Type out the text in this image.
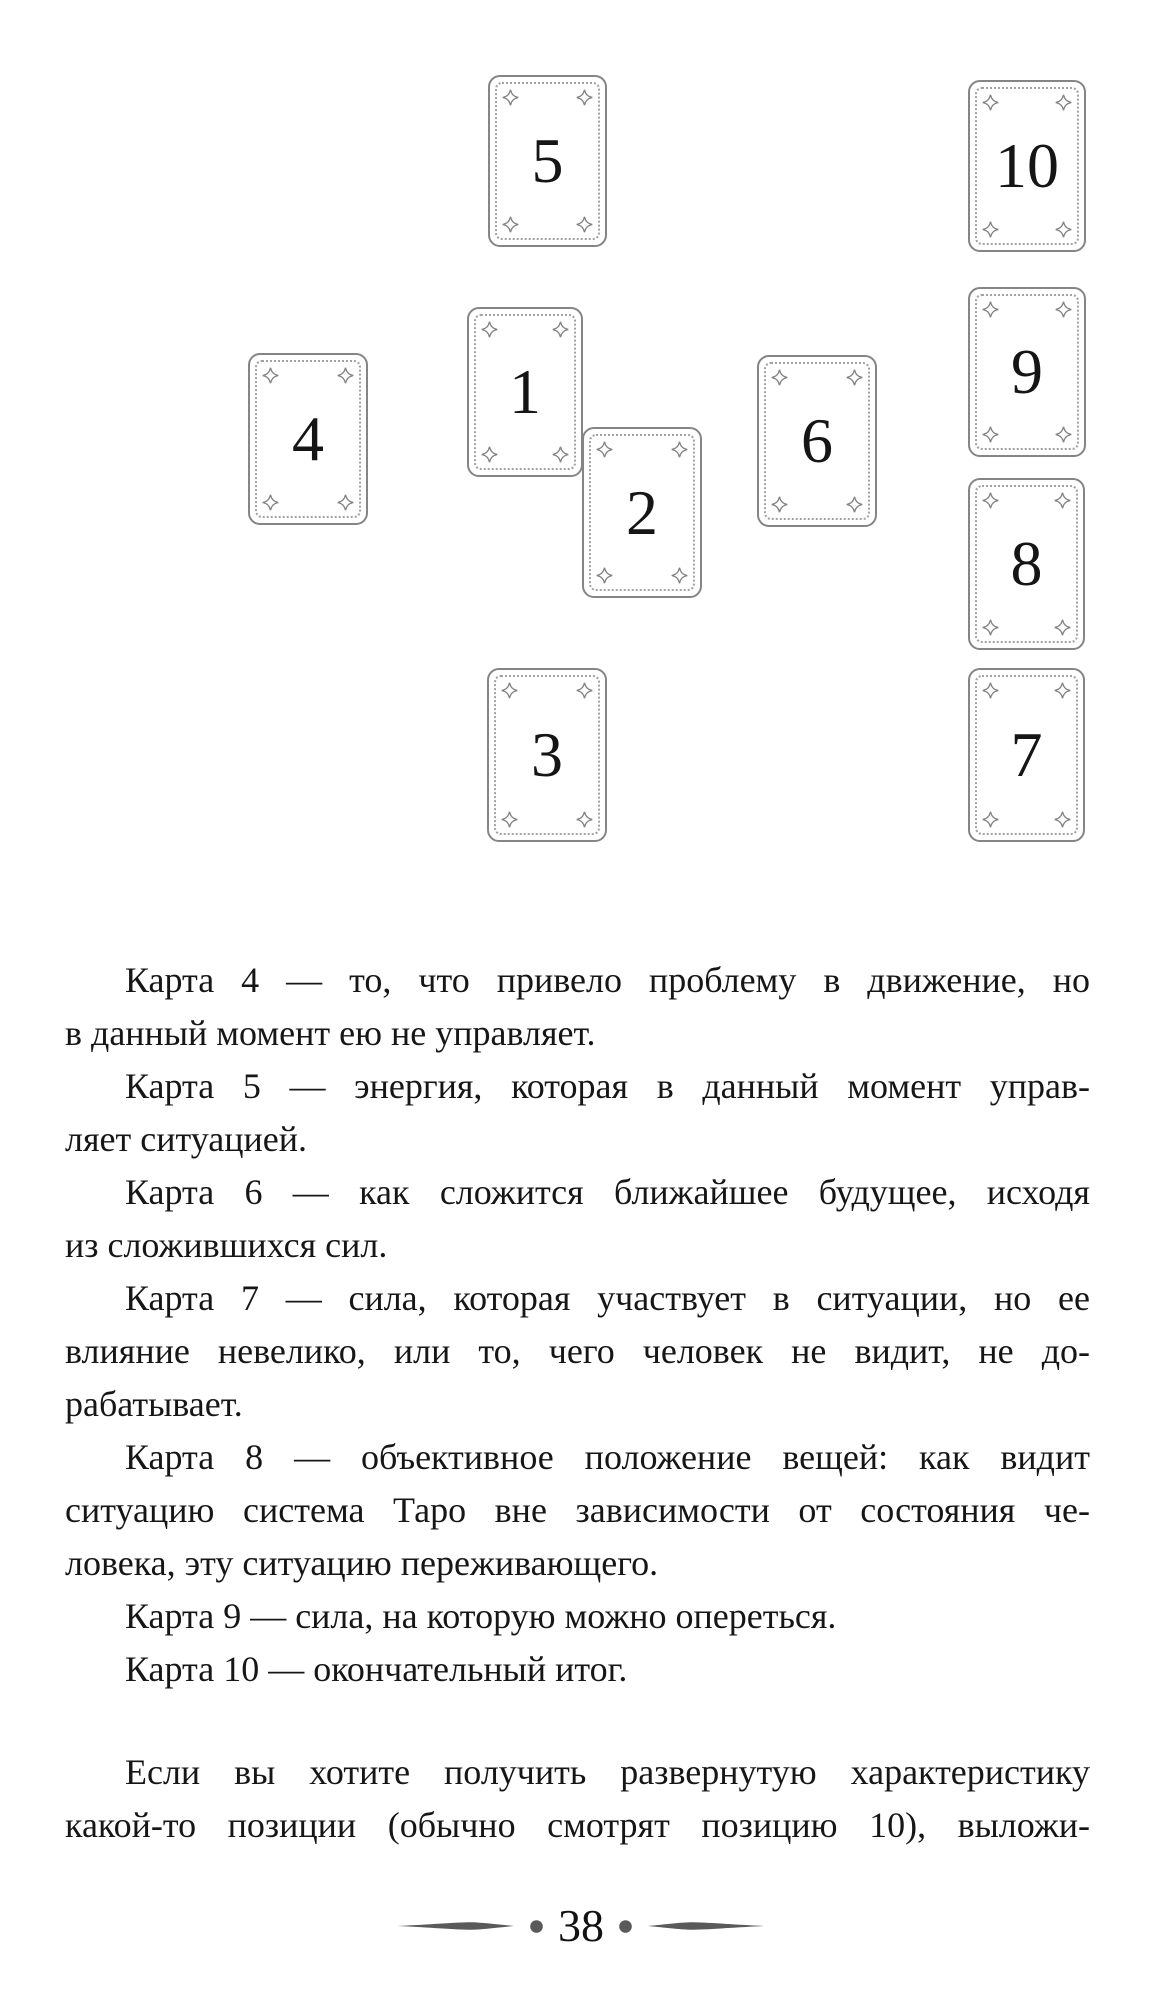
2
1
5
4	6
3
10
9
8
7
Карта 4 — то, что привело проблему в движение, но
в данный момент ею не управляет.
Карта 5 — энергия, которая в данный момент управ-
ляет ситуацией.
Карта 6 — как сложится ближайшее будущее, исходя
из сложившихся сил.
Карта 7 — сила, которая участвует в ситуации, но ее
влияние невелико, или то, чего человек не видит, не до-
рабатывает.
Карта 8 — объективное положение вещей: как видит
ситуацию система Таро вне зависимости от состояния че-
ловека, эту ситуацию переживающего.
Карта 9 — сила, на которую можно опереться.
Карта 10 — окончательный итог.
Если вы хотите получить развернутую характеристику
какой-то позиции (обычно смотрят позицию 10), выложи-
38
